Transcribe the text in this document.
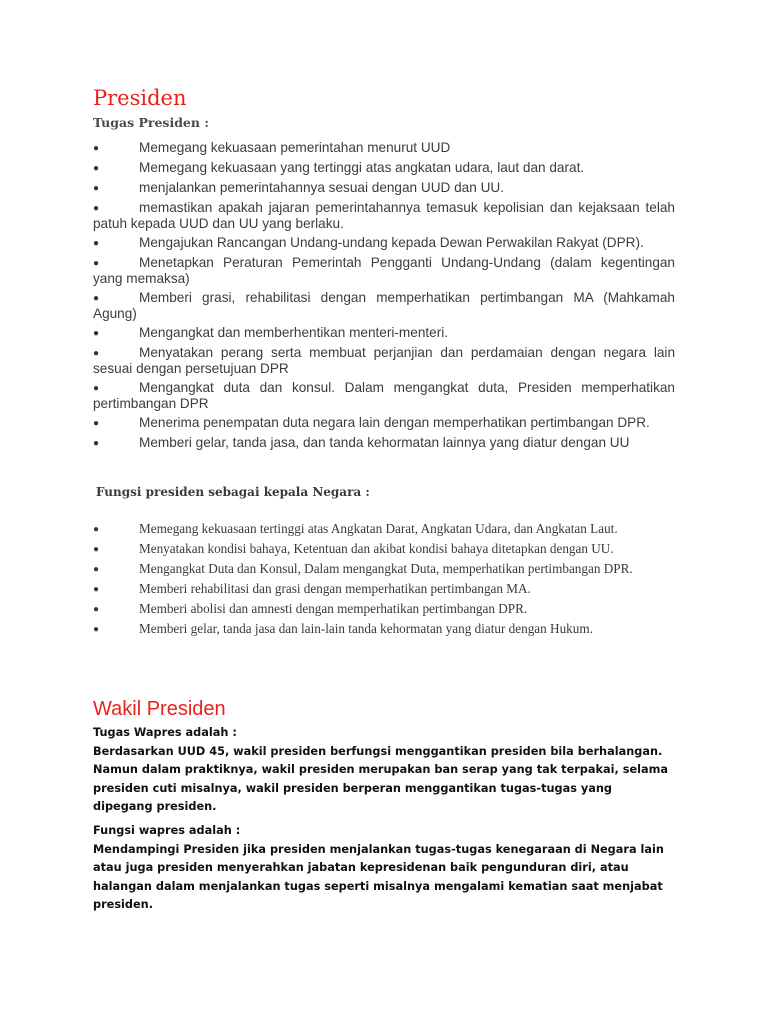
Presiden
Tugas Presiden :
●	Memegang kekuasaan pemerintahan menurut UUD
●	Memegang kekuasaan yang tertinggi atas angkatan udara, laut dan darat.
●	menjalankan pemerintahannya sesuai dengan UUD dan UU.
●	memastikan apakah jajaran pemerintahannya temasuk kepolisian dan kejaksaan telah patuh kepada UUD dan UU yang berlaku.
●	Mengajukan Rancangan Undang-undang kepada Dewan Perwakilan Rakyat (DPR).
●	Menetapkan Peraturan Pemerintah Pengganti Undang-Undang (dalam kegentingan yang memaksa)
●	Memberi grasi, rehabilitasi dengan memperhatikan pertimbangan MA (Mahkamah Agung)
●	Mengangkat dan memberhentikan menteri-menteri.
●	Menyatakan perang serta membuat perjanjian dan perdamaian dengan negara lain sesuai dengan persetujuan DPR
●	Mengangkat duta dan konsul. Dalam mengangkat duta, Presiden memperhatikan pertimbangan DPR
●	Menerima penempatan duta negara lain dengan memperhatikan pertimbangan DPR.
●	Memberi gelar, tanda jasa, dan tanda kehormatan lainnya yang diatur dengan UU
Fungsi presiden sebagai kepala Negara :
●	Memegang kekuasaan tertinggi atas Angkatan Darat, Angkatan Udara, dan Angkatan Laut.
●	Menyatakan kondisi bahaya, Ketentuan dan akibat kondisi bahaya ditetapkan dengan UU.
●	Mengangkat Duta dan Konsul, Dalam mengangkat Duta, memperhatikan pertimbangan DPR.
●	Memberi rehabilitasi dan grasi dengan memperhatikan pertimbangan MA.
●	Memberi abolisi dan amnesti dengan memperhatikan pertimbangan DPR.
●	Memberi gelar, tanda jasa dan lain-lain tanda kehormatan yang diatur dengan Hukum.
Wakil Presiden
Tugas Wapres adalah :
Berdasarkan UUD 45, wakil presiden berfungsi menggantikan presiden bila berhalangan. Namun dalam praktiknya, wakil presiden merupakan ban serap yang tak terpakai, selama presiden cuti misalnya, wakil presiden berperan menggantikan tugas-tugas yang dipegang presiden.
Fungsi wapres adalah :
Mendampingi Presiden jika presiden menjalankan tugas-tugas kenegaraan di Negara lain atau juga presiden menyerahkan jabatan kepresidenan baik pengunduran diri, atau halangan dalam menjalankan tugas seperti misalnya mengalami kematian saat menjabat presiden.
